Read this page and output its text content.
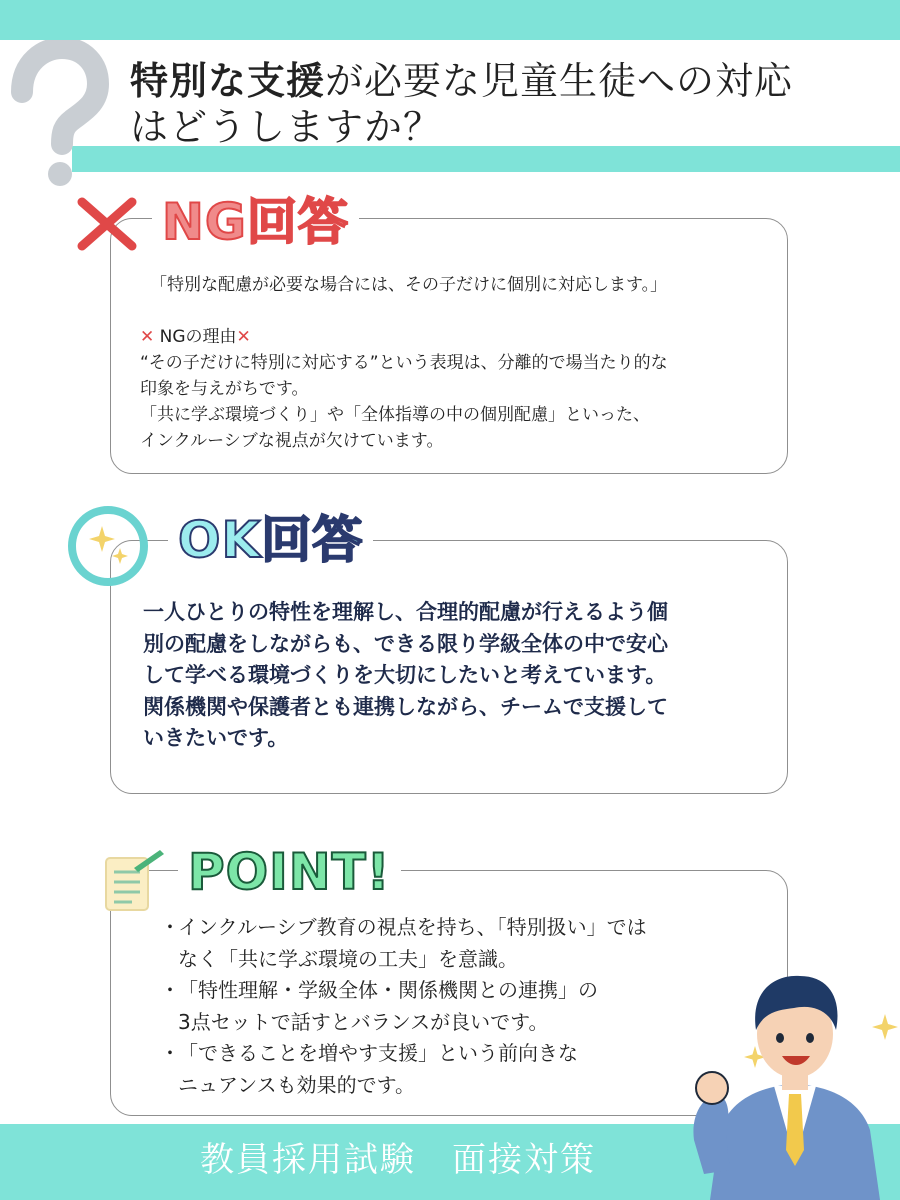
特別な支援が必要な児童生徒への対応
はどうしますか？
NG回答
「特別な配慮が必要な場合には、その子だけに個別に対応します。」
✕ NGの理由✕
“その子だけに特別に対応する”という表現は、分離的で場当たり的な
印象を与えがちです。
「共に学ぶ環境づくり」や「全体指導の中の個別配慮」といった、
インクルーシブな視点が欠けています。
OK回答
一人ひとりの特性を理解し、合理的配慮が行えるよう個
別の配慮をしながらも、できる限り学級全体の中で安心
して学べる環境づくりを大切にしたいと考えています。
関係機関や保護者とも連携しながら、チームで支援して
いきたいです。
POINT!
・
インクルーシブ教育の視点を持ち、「特別扱い」では
なく「共に学ぶ環境の工夫」を意識。
・
「特性理解・学級全体・関係機関との連携」の
3点セットで話すとバランスが良いです。
・
「できることを増やす支援」という前向きな
ニュアンスも効果的です。
教員採用試験　面接対策
